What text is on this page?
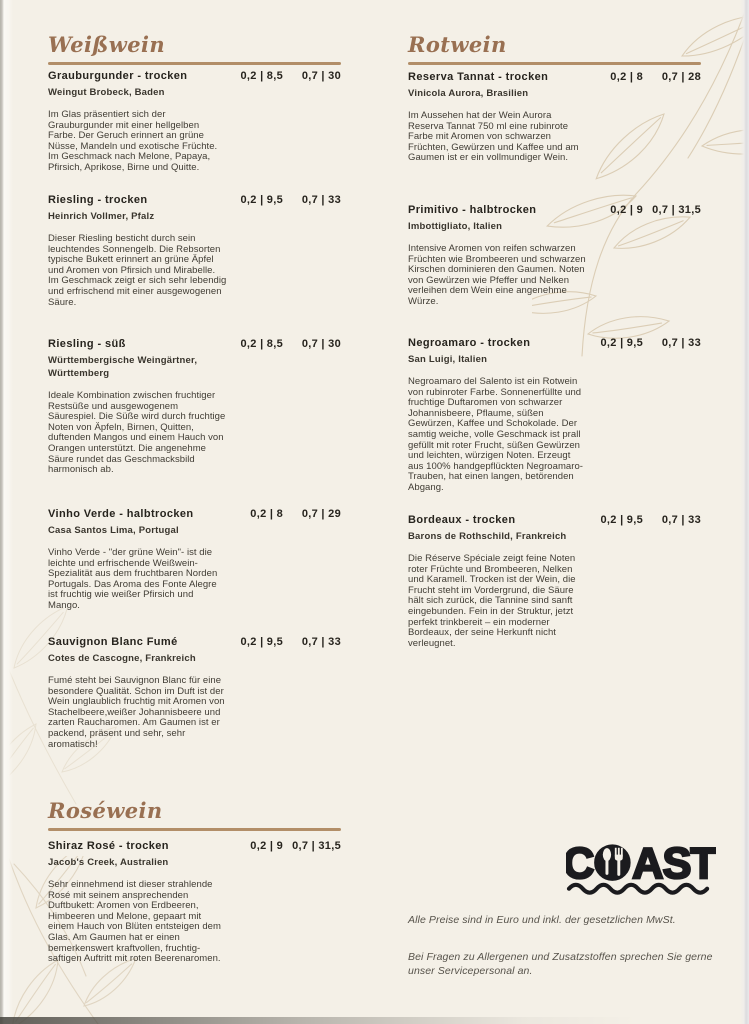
Weißwein
Grauburgunder - trocken	0,2 | 8,5 0,7 | 30
Weingut Brobeck, Baden

Im Glas präsentiert sich der Grauburgunder mit einer hellgelben Farbe. Der Geruch erinnert an grüne Nüsse, Mandeln und exotische Früchte. Im Geschmack nach Melone, Papaya, Pfirsich, Aprikose, Birne und Quitte.

Riesling - trocken	0,2 | 9,5 0,7 | 33
Heinrich Vollmer, Pfalz

Dieser Riesling besticht durch sein leuchtendes Sonnengelb. Die Rebsorten typische Bukett erinnert an grüne Äpfel und Aromen von Pfirsich und Mirabelle. Im Geschmack zeigt er sich sehr lebendig und erfrischend mit einer ausgewogenen Säure.

Riesling - süß	0,2 | 8,5 0,7 | 30
Württembergische Weingärtner, Württemberg

Ideale Kombination zwischen fruchtiger Restsüße und ausgewogenem Säurespiel. Die Süße wird durch fruchtige Noten von Äpfeln, Birnen, Quitten, duftenden Mangos und einem Hauch von Orangen unterstützt. Die angenehme Säure rundet das Geschmacksbild harmonisch ab.

Vinho Verde - halbtrocken	0,2 | 8 0,7 | 29
Casa Santos Lima, Portugal

Vinho Verde - "der grüne Wein"- ist die leichte und erfrischende Weißwein-Spezialität aus dem fruchtbaren Norden Portugals. Das Aroma des Fonte Alegre ist fruchtig wie weißer Pfirsich und Mango.

Sauvignon Blanc Fumé	0,2 | 9,5 0,7 | 33
Cotes de Cascogne, Frankreich

Fumé steht bei Sauvignon Blanc für eine besondere Qualität. Schon im Duft ist der Wein unglaublich fruchtig mit Aromen von Stachelbeere,weißer Johannisbeere und zarten Raucharomen. Am Gaumen ist er packend, präsent und sehr, sehr aromatisch!

Roséwein
Shiraz Rosé - trocken	0,2 | 9 0,7 | 31,5
Jacob's Creek, Australien

Sehr einnehmend ist dieser strahlende Rosé mit seinem ansprechenden Duftbukett: Aromen von Erdbeeren, Himbeeren und Melone, gepaart mit einem Hauch von Blüten entsteigen dem Glas. Am Gaumen hat er einen bemerkenswert kraftvollen, fruchtig-saftigen Auftritt mit roten Beerenaromen.

Rotwein
Reserva Tannat - trocken	0,2 | 8 0,7 | 28
Vinicola Aurora, Brasilien

Im Aussehen hat der Wein Aurora Reserva Tannat 750 ml eine rubinrote Farbe mit Aromen von schwarzen Früchten, Gewürzen und Kaffee und am Gaumen ist er ein vollmundiger Wein.

Primitivo - halbtrocken	0,2 | 9 0,7 | 31,5
Imbottigliato, Italien

Intensive Aromen von reifen schwarzen Früchten wie Brombeeren und schwarzen Kirschen dominieren den Gaumen. Noten von Gewürzen wie Pfeffer und Nelken verleihen dem Wein eine angenehme Würze.

Negroamaro - trocken	0,2 | 9,5 0,7 | 33
San Luigi, Italien

Negroamaro del Salento ist ein Rotwein von rubinroter Farbe. Sonnenerfüllte und fruchtige Duftaromen von schwarzer Johannisbeere, Pflaume, süßen Gewürzen, Kaffee und Schokolade. Der samtig weiche, volle Geschmack ist prall gefüllt mit roter Frucht, süßen Gewürzen und leichten, würzigen Noten. Erzeugt aus 100% handgepflückten Negroamaro-Trauben, hat einen langen, betörenden Abgang.

Bordeaux - trocken	0,2 | 9,5 0,7 | 33
Barons de Rothschild, Frankreich

Die Réserve Spéciale zeigt feine Noten roter Früchte und Brombeeren, Nelken und Karamell. Trocken ist der Wein, die Frucht steht im Vordergrund, die Säure hält sich zurück, die Tannine sind sanft eingebunden. Fein in der Struktur, jetzt perfekt trinkbereit – ein moderner Bordeaux, der seine Herkunft nicht verleugnet.

C AST

Alle Preise sind in Euro und inkl. der gesetzlichen MwSt.

Bei Fragen zu Allergenen und Zusatzstoffen sprechen Sie gerne unser Servicepersonal an.
